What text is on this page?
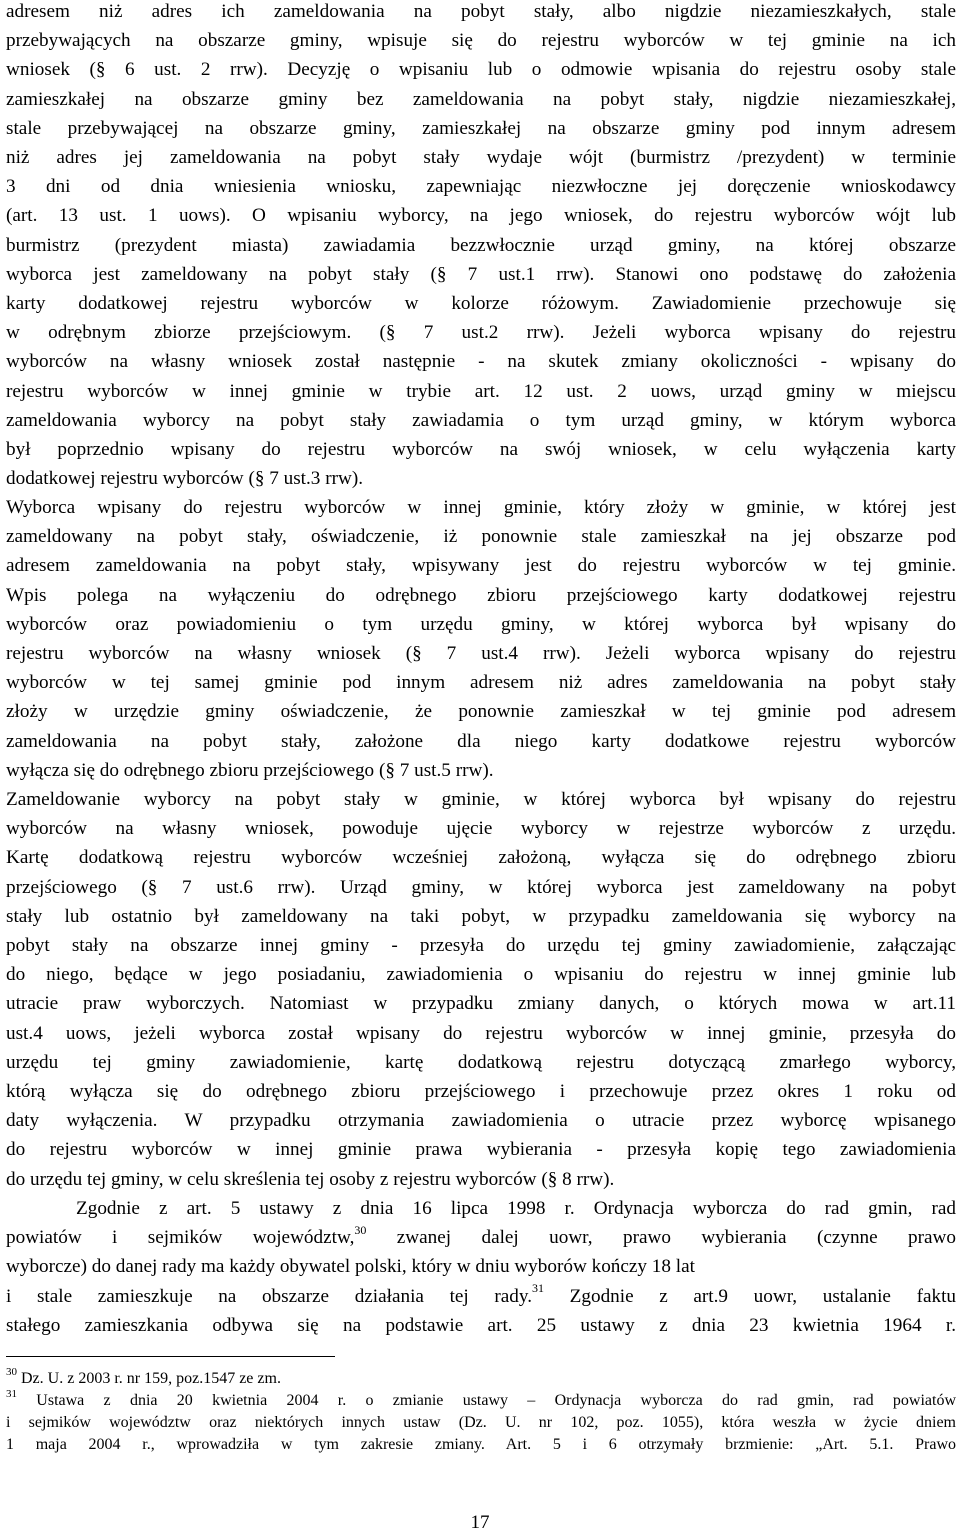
adresem niż adres ich zameldowania na pobyt stały, albo nigdzie niezamieszkałych, stale
przebywających na obszarze gminy, wpisuje się do rejestru wyborców w tej gminie na ich
wniosek (§ 6 ust. 2 rrw). Decyzję o wpisaniu lub o odmowie wpisania do rejestru osoby stale
zamieszkałej na obszarze gminy bez zameldowania na pobyt stały, nigdzie niezamieszkałej,
stale przebywającej na obszarze gminy, zamieszkałej na obszarze gminy pod innym adresem
niż adres jej zameldowania na pobyt stały wydaje wójt (burmistrz /prezydent) w terminie
3 dni od dnia wniesienia wniosku, zapewniając niezwłoczne jej doręczenie wnioskodawcy
(art. 13 ust. 1 uows). O wpisaniu wyborcy, na jego wniosek, do rejestru wyborców wójt lub
burmistrz (prezydent miasta) zawiadamia bezzwłocznie urząd gminy, na której obszarze
wyborca jest zameldowany na pobyt stały (§ 7 ust.1 rrw). Stanowi ono podstawę do założenia
karty dodatkowej rejestru wyborców w kolorze różowym. Zawiadomienie przechowuje się
w odrębnym zbiorze przejściowym. (§ 7 ust.2 rrw). Jeżeli wyborca wpisany do rejestru
wyborców na własny wniosek został następnie - na skutek zmiany okoliczności - wpisany do
rejestru wyborców w innej gminie w trybie art. 12 ust. 2 uows, urząd gminy w miejscu
zameldowania wyborcy na pobyt stały zawiadamia o tym urząd gminy, w którym wyborca
był poprzednio wpisany do rejestru wyborców na swój wniosek, w celu wyłączenia karty
dodatkowej rejestru wyborców (§ 7 ust.3 rrw).
Wyborca wpisany do rejestru wyborców w innej gminie, który złoży w gminie, w której jest
zameldowany na pobyt stały, oświadczenie, iż ponownie stale zamieszkał na jej obszarze pod
adresem zameldowania na pobyt stały, wpisywany jest do rejestru wyborców w tej gminie.
Wpis polega na wyłączeniu do odrębnego zbioru przejściowego karty dodatkowej rejestru
wyborców oraz powiadomieniu o tym urzędu gminy, w której wyborca był wpisany do
rejestru wyborców na własny wniosek (§ 7 ust.4 rrw). Jeżeli wyborca wpisany do rejestru
wyborców w tej samej gminie pod innym adresem niż adres zameldowania na pobyt stały
złoży w urzędzie gminy oświadczenie, że ponownie zamieszkał w tej gminie pod adresem
zameldowania na pobyt stały, założone dla niego karty dodatkowe rejestru wyborców
wyłącza się do odrębnego zbioru przejściowego (§ 7 ust.5 rrw).
Zameldowanie wyborcy na pobyt stały w gminie, w której wyborca był wpisany do rejestru
wyborców na własny wniosek, powoduje ujęcie wyborcy w rejestrze wyborców z urzędu.
Kartę dodatkową rejestru wyborców wcześniej założoną, wyłącza się do odrębnego zbioru
przejściowego (§ 7 ust.6 rrw). Urząd gminy, w której wyborca jest zameldowany na pobyt
stały lub ostatnio był zameldowany na taki pobyt, w przypadku zameldowania się wyborcy na
pobyt stały na obszarze innej gminy - przesyła do urzędu tej gminy zawiadomienie, załączając
do niego, będące w jego posiadaniu, zawiadomienia o wpisaniu do rejestru w innej gminie lub
utracie praw wyborczych. Natomiast w przypadku zmiany danych, o których mowa w art.11
ust.4 uows, jeżeli wyborca został wpisany do rejestru wyborców w innej gminie, przesyła do
urzędu tej gminy zawiadomienie, kartę dodatkową rejestru dotyczącą zmarłego wyborcy,
którą wyłącza się do odrębnego zbioru przejściowego i przechowuje przez okres 1 roku od
daty wyłączenia. W przypadku otrzymania zawiadomienia o utracie przez wyborcę wpisanego
do rejestru wyborców w innej gminie prawa wybierania - przesyła kopię tego zawiadomienia
do urzędu tej gminy, w celu skreślenia tej osoby z rejestru wyborców (§ 8 rrw).
Zgodnie z art. 5 ustawy z dnia 16 lipca 1998 r. Ordynacja wyborcza do rad gmin, rad
powiatów i sejmików województw,$^{30}$ zwanej dalej uowr, prawo wybierania (czynne prawo
wyborcze) do danej rady ma każdy obywatel polski, który w dniu wyborów kończy 18 lat
i stale zamieszkuje na obszarze działania tej rady.$^{31}$ Zgodnie z art.9 uowr, ustalanie faktu
stałego zamieszkania odbywa się na podstawie art. 25 ustawy z dnia 23 kwietnia 1964 r.

$^{30}$ Dz. U. z 2003 r. nr 159, poz.1547 ze zm.

$^{31}$ Ustawa z dnia 20 kwietnia 2004 r. o zmianie ustawy – Ordynacja wyborcza do rad gmin, rad powiatów
i sejmików województw oraz niektórych innych ustaw (Dz. U. nr 102, poz. 1055), która weszła w życie dniem
1 maja 2004 r., wprowadziła w tym zakresie zmiany. Art. 5 i 6 otrzymały brzmienie: „Art. 5.1. Prawo

17
